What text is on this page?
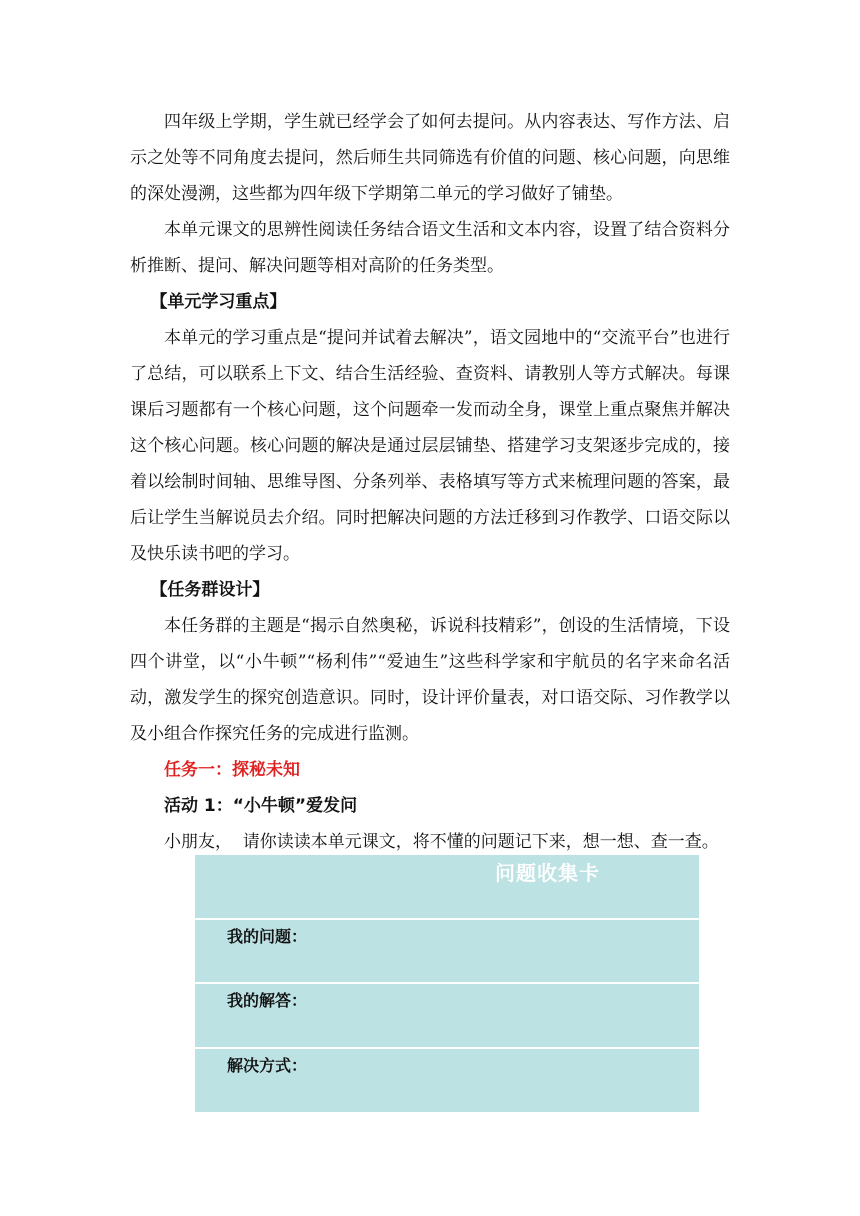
四年级上学期，学生就已经学会了如何去提问。从内容表达、写作方法、启示之处等不同角度去提问，然后师生共同筛选有价值的问题、核心问题，向思维的深处漫溯，这些都为四年级下学期第二单元的学习做好了铺垫。

本单元课文的思辨性阅读任务结合语文生活和文本内容，设置了结合资料分析推断、提问、解决问题等相对高阶的任务类型。

【单元学习重点】

本单元的学习重点是“提问并试着去解决”，语文园地中的“交流平台”也进行了总结，可以联系上下文、结合生活经验、查资料、请教别人等方式解决。每课课后习题都有一个核心问题，这个问题牵一发而动全身，课堂上重点聚焦并解决这个核心问题。核心问题的解决是通过层层铺垫、搭建学习支架逐步完成的，接着以绘制时间轴、思维导图、分条列举、表格填写等方式来梳理问题的答案，最后让学生当解说员去介绍。同时把解决问题的方法迁移到习作教学、口语交际以及快乐读书吧的学习。

【任务群设计】

本任务群的主题是“揭示自然奥秘，诉说科技精彩”，创设的生活情境，下设四个讲堂，以“小牛顿”“杨利伟”“爱迪生”这些科学家和宇航员的名字来命名活动，激发学生的探究创造意识。同时，设计评价量表，对口语交际、习作教学以及小组合作探究任务的完成进行监测。

任务一：探秘未知
活动 1：“小牛顿”爱发问

小朋友，  请你读读本单元课文，将不懂的问题记下来，想一想、查一查。

问题收集卡
我的问题：
我的解答：
解决方式：
